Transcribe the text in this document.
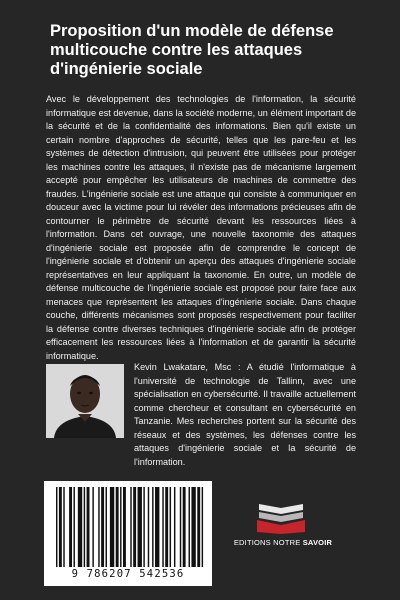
Proposition d'un modèle de défense multicouche contre les attaques d'ingénierie sociale

Avec le développement des technologies de l'information, la sécurité informatique est devenue, dans la société moderne, un élément important de la sécurité et de la confidentialité des informations. Bien qu'il existe un certain nombre d'approches de sécurité, telles que les pare-feu et les systèmes de détection d'intrusion, qui peuvent être utilisées pour protéger les machines contre les attaques, il n'existe pas de mécanisme largement accepté pour empêcher les utilisateurs de machines de commettre des fraudes. L'ingénierie sociale est une attaque qui consiste à communiquer en douceur avec la victime pour lui révéler des informations précieuses afin de contourner le périmètre de sécurité devant les ressources liées à l'information. Dans cet ouvrage, une nouvelle taxonomie des attaques d'ingénierie sociale est proposée afin de comprendre le concept de l'ingénierie sociale et d'obtenir un aperçu des attaques d'ingénierie sociale représentatives en leur appliquant la taxonomie. En outre, un modèle de défense multicouche de l'ingénierie sociale est proposé pour faire face aux menaces que représentent les attaques d'ingénierie sociale. Dans chaque couche, différents mécanismes sont proposés respectivement pour faciliter la défense contre diverses techniques d'ingénierie sociale afin de protéger efficacement les ressources liées à l'information et de garantir la sécurité informatique.

Kevin Lwakatare, Msc : A étudié l'informatique à l'université de technologie de Tallinn, avec une spécialisation en cybersécurité. Il travaille actuellement comme chercheur et consultant en cybersécurité en Tanzanie. Mes recherches portent sur la sécurité des réseaux et des systèmes, les défenses contre les attaques d'ingénierie sociale et la sécurité de l'information.

9 786207 542536
EDITIONS NOTRE SAVOIR
